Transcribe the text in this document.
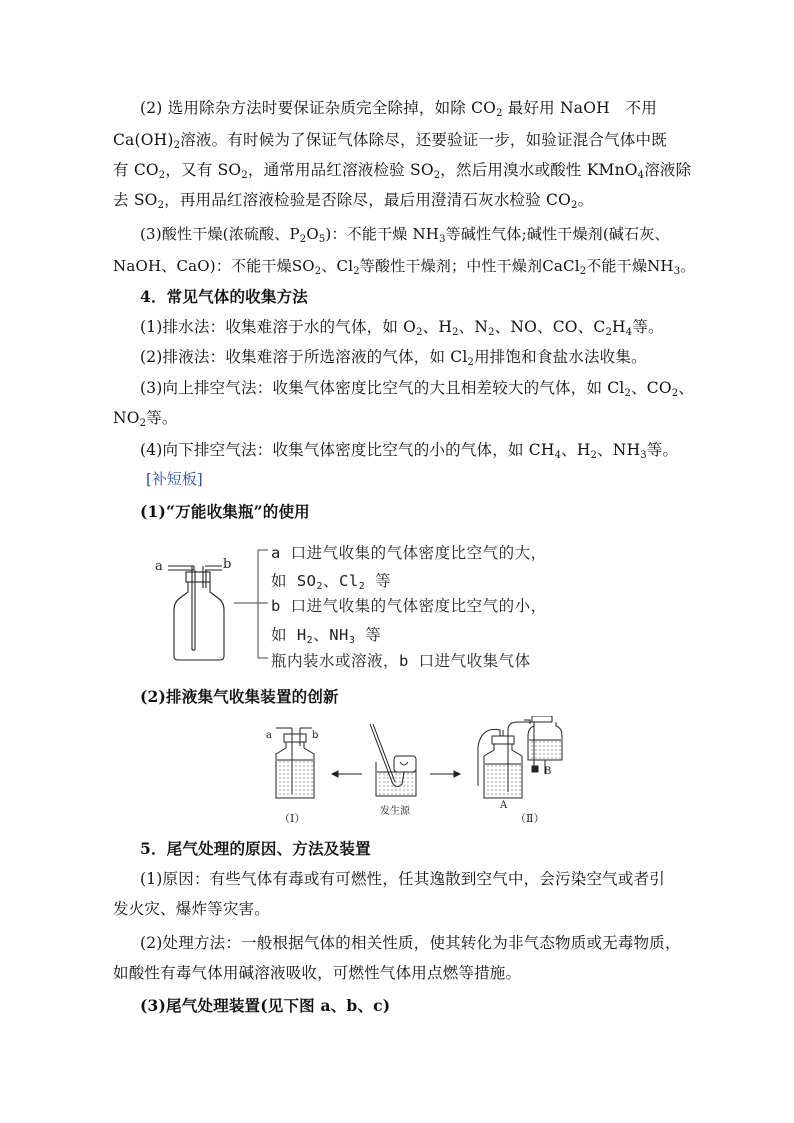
(2) 选用除杂方法时要保证杂质完全除掉，如除 $CO_2$ 最好用 NaOH　不用
$Ca(OH)_2$溶液。有时候为了保证气体除尽，还要验证一步，如验证混合气体中既
有 $CO_2$，又有 $SO_2$，通常用品红溶液检验 $SO_2$，然后用溴水或酸性 KMnO$_4$溶液除
去 $SO_2$，再用品红溶液检验是否除尽，最后用澄清石灰水检验 $CO_2$。
(3)酸性干燥(浓硫酸、$P_2O_5$)：不能干燥 $NH_3$等碱性气体;碱性干燥剂(碱石灰、
NaOH、CaO)：不能干燥$SO_2$、$Cl_2$等酸性干燥剂；中性干燥剂CaCl$_2$不能干燥$NH_3$。
4．常见气体的收集方法
(1)排水法：收集难溶于水的气体，如 $O_2$、$H_2$、$N_2$、NO、CO、$C_2H_4$等。
(2)排液法：收集难溶于所选溶液的气体，如 $Cl_2$用排饱和食盐水法收集。
(3)向上排空气法：收集气体密度比空气的大且相差较大的气体，如 $Cl_2$、$CO_2$、
$NO_2$等。
(4)向下排空气法：收集气体密度比空气的小的气体，如 $CH_4$、$H_2$、$NH_3$等。
[补短板]
(1)“万能收集瓶”的使用
a	b
a 口进气收集的气体密度比空气的大，
如 $SO_2$、$Cl_2$ 等
b 口进气收集的气体密度比空气的小，
如 $H_2$、$NH_3$ 等
瓶内装水或溶液，b 口进气收集气体
(2)排液集气收集装置的创新
a	b
（Ⅰ）
发生源
A
B
（Ⅱ）
5．尾气处理的原因、方法及装置
(1)原因：有些气体有毒或有可燃性，任其逸散到空气中，会污染空气或者引
发火灾、爆炸等灾害。
(2)处理方法：一般根据气体的相关性质，使其转化为非气态物质或无毒物质，
如酸性有毒气体用碱溶液吸收，可燃性气体用点燃等措施。
(3)尾气处理装置(见下图 a、b、c)
